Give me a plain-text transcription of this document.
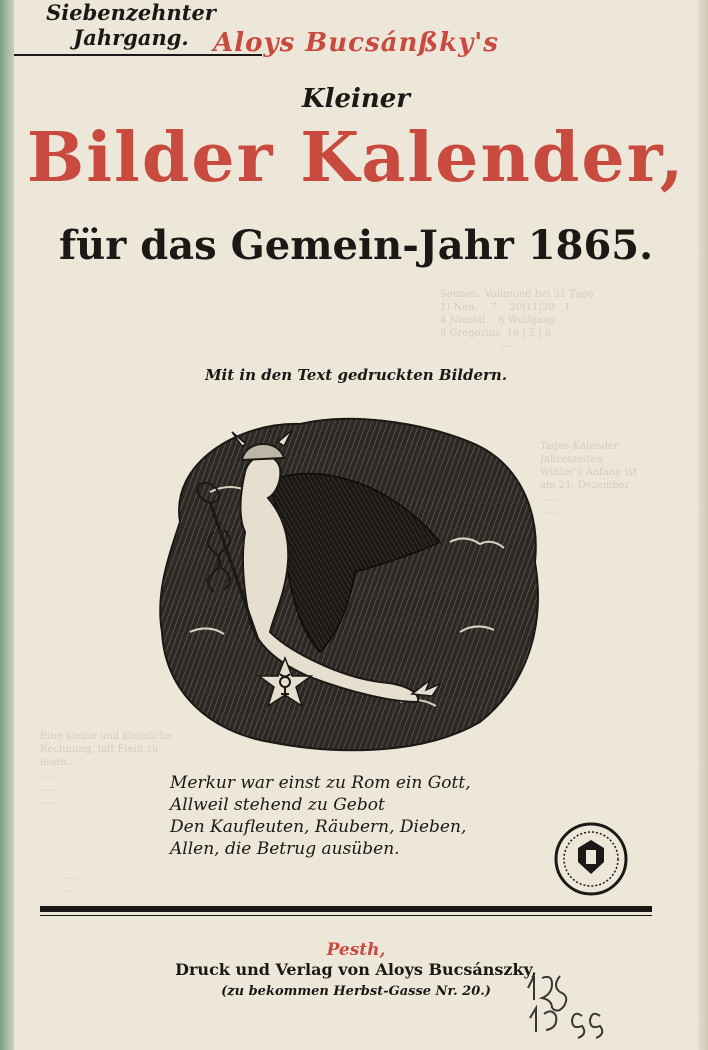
Sonnen. Vollmond bei 31 Tage
1) Neu.    7    20|11|20   1
4 Nicolai    8 Wolfgang
8 Gregorius  16 | 5 | 6
—
.
Tages-Kalender
Jahreszeiten
Winter's Anfang ist
am 21. Dezember
......
......
Eine kleine und kleinliche
Rechnung, mit Fleiß zu
lesen...
......
......
......
......
......
Aloys Bucsánßky's
Kleiner
Bilder Kalender,
für das Gemein-Jahr 1865.
Siebenzehnter Jahrgang.
Mit in den Text gedruckten Bildern.
Merkur war einst zu Rom ein Gott,
Allweil stehend zu Gebot
Den Kaufleuten, Räubern, Dieben,
Allen, die Betrug ausüben.
Pesth,
Druck und Verlag von Aloys Bucsánszky,
(zu bekommen Herbst-Gasse Nr. 20.)
